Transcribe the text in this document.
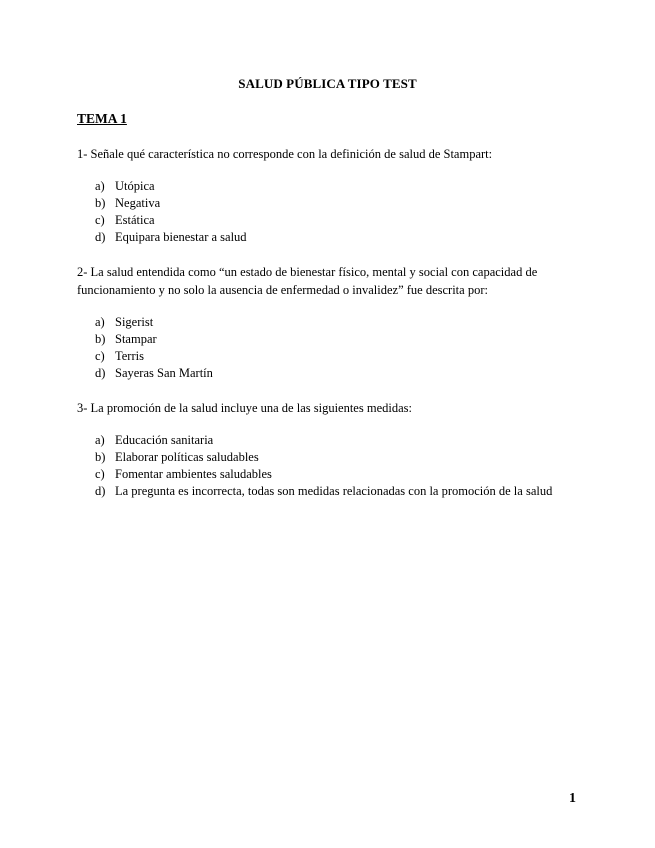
SALUD PÚBLICA TIPO TEST
TEMA 1
1- Señale qué característica no corresponde con la definición de salud de Stampart:
a) Utópica
b) Negativa
c) Estática
d) Equipara bienestar a salud
2- La salud entendida como “un estado de bienestar físico, mental y social con capacidad de funcionamiento y no solo la ausencia de enfermedad o invalidez” fue descrita por:
a) Sigerist
b) Stampar
c) Terris
d) Sayeras San Martín
3- La promoción de la salud incluye una de las siguientes medidas:
a) Educación sanitaria
b) Elaborar políticas saludables
c) Fomentar ambientes saludables
d) La pregunta es incorrecta, todas son medidas relacionadas con la promoción de la salud
1
